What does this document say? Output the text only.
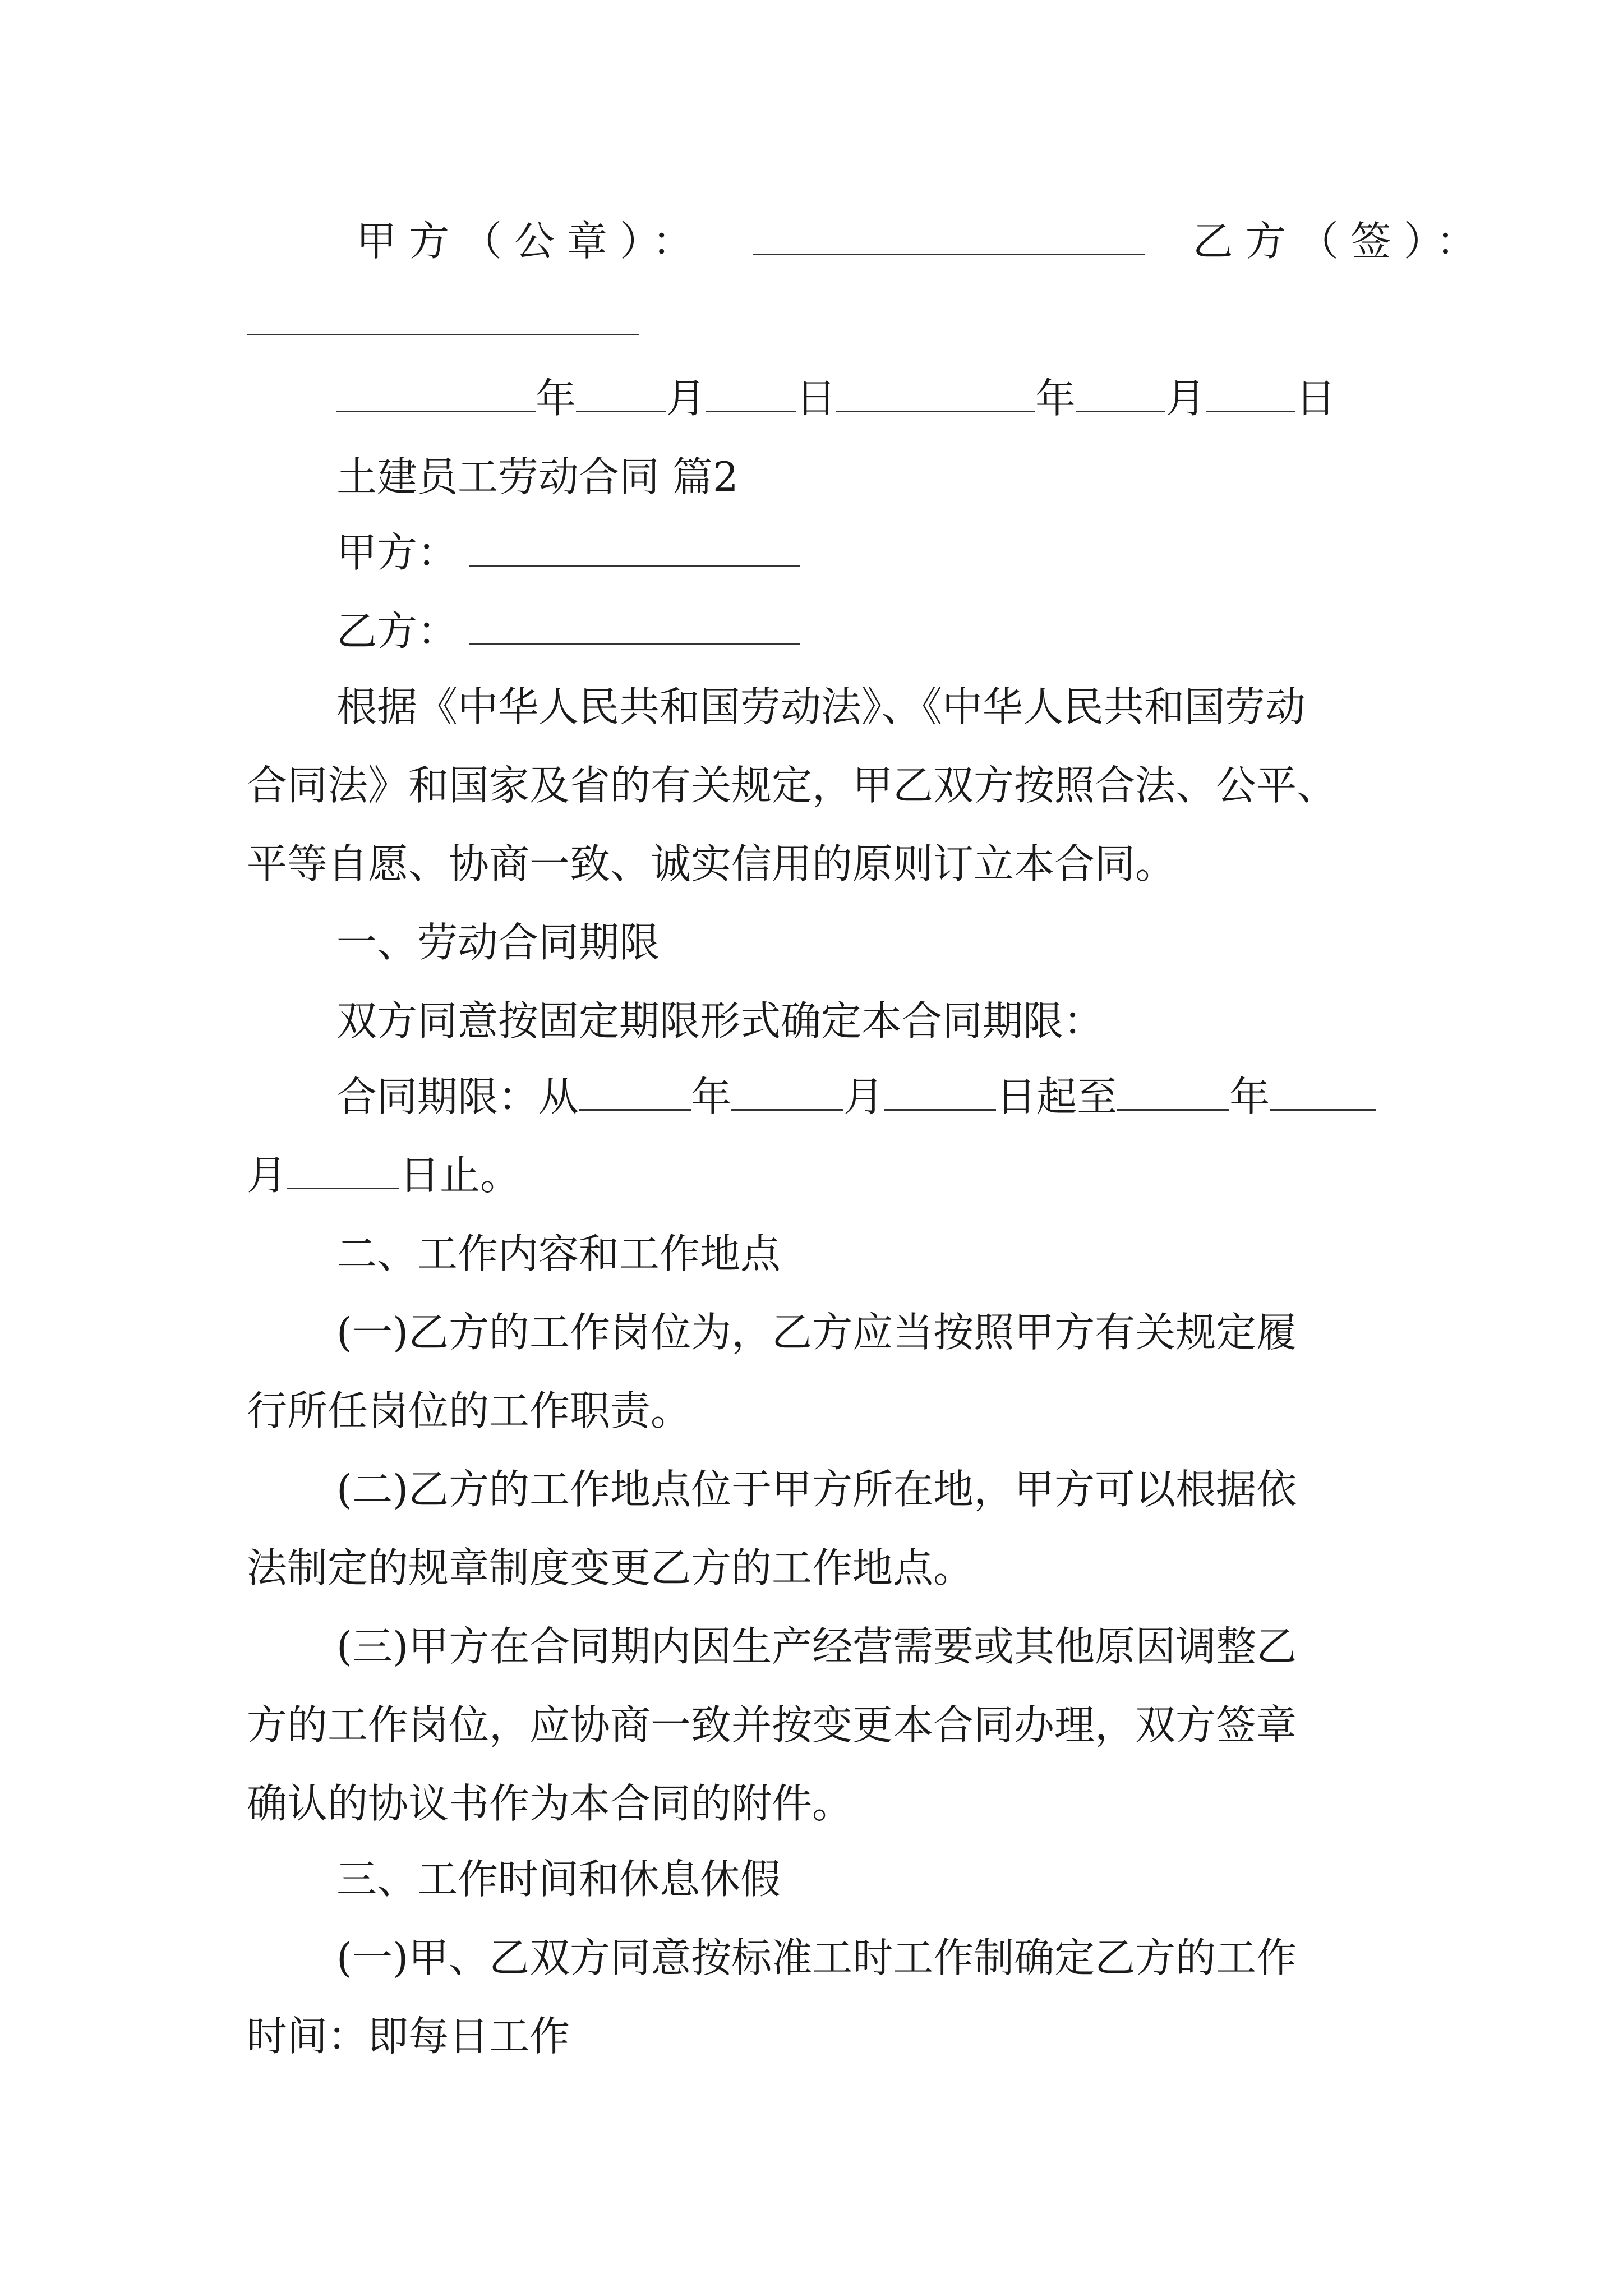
甲方（公章）：	乙方（签）：
年 月 日	年 月 日
土建员工劳动合同 篇2
甲方：
乙方：
根据《中华人民共和国劳动法》、《中华人民共和国劳动
合同法》和国家及省的有关规定，甲乙双方按照合法、公平、
平等自愿、协商一致、诚实信用的原则订立本合同。
一、劳动合同期限
双方同意按固定期限形式确定本合同期限：
合同期限：从	年	月	日起至	年
月	日止。
二、工作内容和工作地点
(一)乙方的工作岗位为，乙方应当按照甲方有关规定履
行所任岗位的工作职责。
(二)乙方的工作地点位于甲方所在地，甲方可以根据依
法制定的规章制度变更乙方的工作地点。
(三)甲方在合同期内因生产经营需要或其他原因调整乙
方的工作岗位，应协商一致并按变更本合同办理，双方签章
确认的协议书作为本合同的附件。
三、工作时间和休息休假
(一)甲、乙双方同意按标准工时工作制确定乙方的工作
时间：即每日工作
